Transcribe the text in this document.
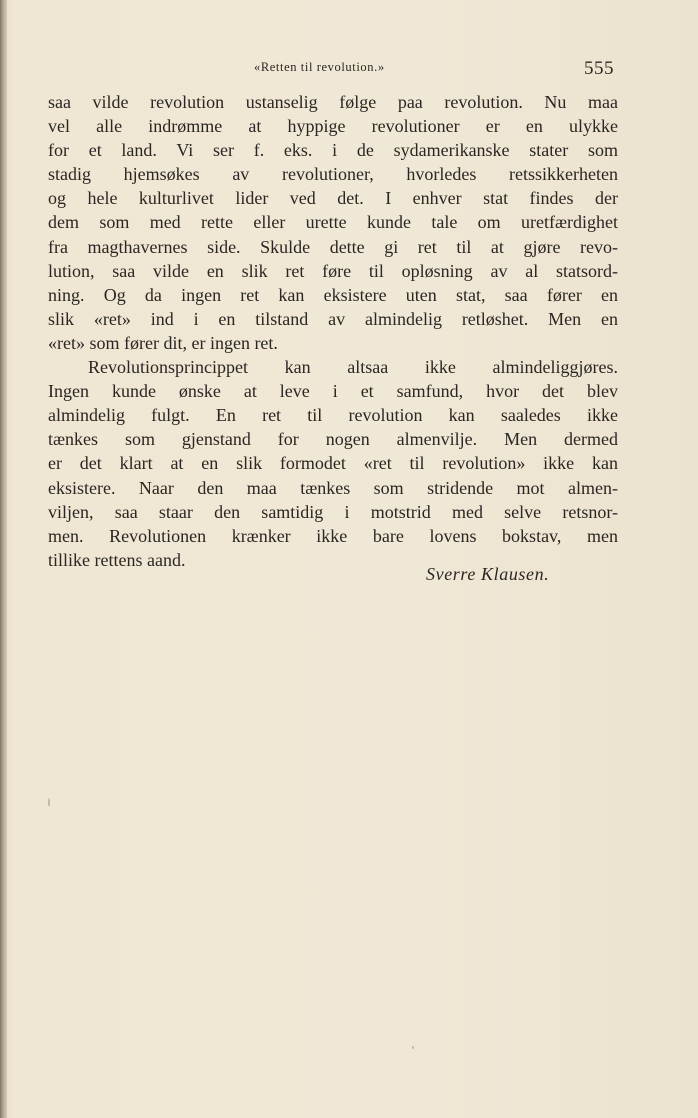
«Retten til revolution.»	555
saa vilde revolution ustanselig følge paa revolution. Nu maa
vel alle indrømme at hyppige revolutioner er en ulykke
for et land. Vi ser f. eks. i de sydamerikanske stater som
stadig hjemsøkes av revolutioner, hvorledes retssikkerheten
og hele kulturlivet lider ved det. I enhver stat findes der
dem som med rette eller urette kunde tale om uretfærdighet
fra magthavernes side. Skulde dette gi ret til at gjøre revo-
lution, saa vilde en slik ret føre til opløsning av al statsord-
ning. Og da ingen ret kan eksistere uten stat, saa fører en
slik «ret» ind i en tilstand av almindelig retløshet. Men en
«ret» som fører dit, er ingen ret.
Revolutionsprincippet kan altsaa ikke almindeliggjøres.
Ingen kunde ønske at leve i et samfund, hvor det blev
almindelig fulgt. En ret til revolution kan saaledes ikke
tænkes som gjenstand for nogen almenvilje. Men dermed
er det klart at en slik formodet «ret til revolution» ikke kan
eksistere. Naar den maa tænkes som stridende mot almen-
viljen, saa staar den samtidig i motstrid med selve retsnor-
men. Revolutionen krænker ikke bare lovens bokstav, men
tillike rettens aand.
Sverre Klausen.
